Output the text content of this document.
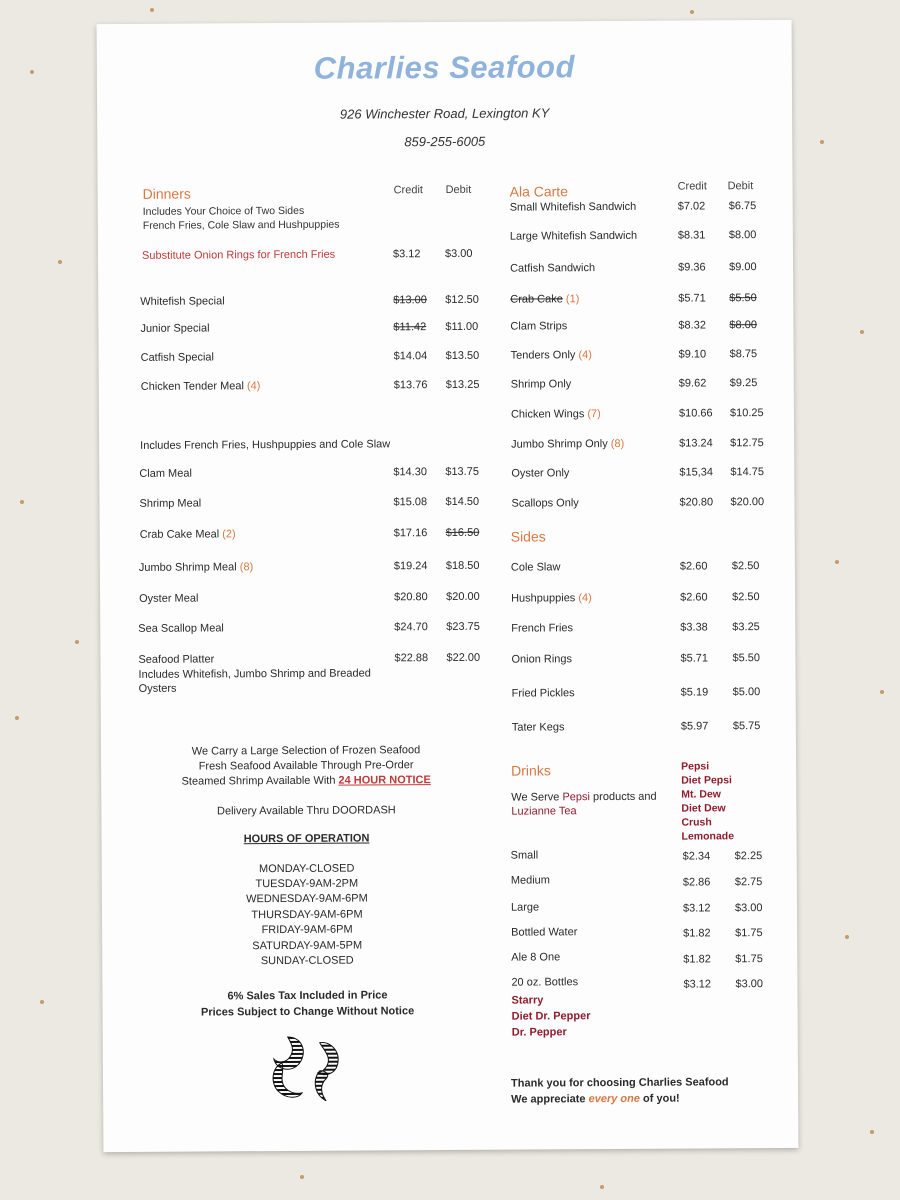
Charlies Seafood
926 Winchester Road, Lexington KY
859-255-6005
Dinners	Credit Debit
Includes Your Choice of Two Sides
French Fries, Cole Slaw and Hushpuppies
Substitute Onion Rings for French Fries	$3.12 $3.00
Whitefish Special	$13.00 $12.50
Junior Special	$11.42 $11.00
Catfish Special	$14.04 $13.50
Chicken Tender Meal (4)	$13.76 $13.25
Includes French Fries, Hushpuppies and Cole Slaw
Clam Meal	$14.30 $13.75
Shrimp Meal	$15.08 $14.50
Crab Cake Meal (2)	$17.16 $16.50
Jumbo Shrimp Meal (8)	$19.24 $18.50
Oyster Meal	$20.80 $20.00
Sea Scallop Meal	$24.70 $23.75
Seafood Platter	$22.88 $22.00
Includes Whitefish, Jumbo Shrimp and Breaded
Oysters
We Carry a Large Selection of Frozen Seafood
Fresh Seafood Available Through Pre-Order
Steamed Shrimp Available With 24 HOUR NOTICE
Delivery Available Thru DOORDASH
HOURS OF OPERATION
MONDAY-CLOSED
TUESDAY-9AM-2PM
WEDNESDAY-9AM-6PM
THURSDAY-9AM-6PM
FRIDAY-9AM-6PM
SATURDAY-9AM-5PM
SUNDAY-CLOSED
6% Sales Tax Included in Price
Prices Subject to Change Without Notice
Ala Carte	Credit Debit
Small Whitefish Sandwich	$7.02 $6.75
Large Whitefish Sandwich	$8.31 $8.00
Catfish Sandwich	$9.36 $9.00
Crab Cake (1)	$5.71 $5.50
Clam Strips	$8.32 $8.00
Tenders Only (4)	$9.10 $8.75
Shrimp Only	$9.62 $9.25
Chicken Wings (7)	$10.66 $10.25
Jumbo Shrimp Only (8)	$13.24 $12.75
Oyster Only	$15,34 $14.75
Scallops Only	$20.80 $20.00
Sides
Cole Slaw	$2.60 $2.50
Hushpuppies (4)	$2.60 $2.50
French Fries	$3.38 $3.25
Onion Rings	$5.71 $5.50
Fried Pickles	$5.19 $5.00
Tater Kegs	$5.97 $5.75
Drinks
We Serve Pepsi products and
Luzianne Tea
Pepsi
Diet Pepsi
Mt. Dew
Diet Dew
Crush
Lemonade
Small	$2.34 $2.25
Medium	$2.86 $2.75
Large	$3.12 $3.00
Bottled Water	$1.82 $1.75
Ale 8 One	$1.82 $1.75
20 oz. Bottles	$3.12 $3.00
Starry
Diet Dr. Pepper
Dr. Pepper
Thank you for choosing Charlies Seafood
We appreciate every one of you!
